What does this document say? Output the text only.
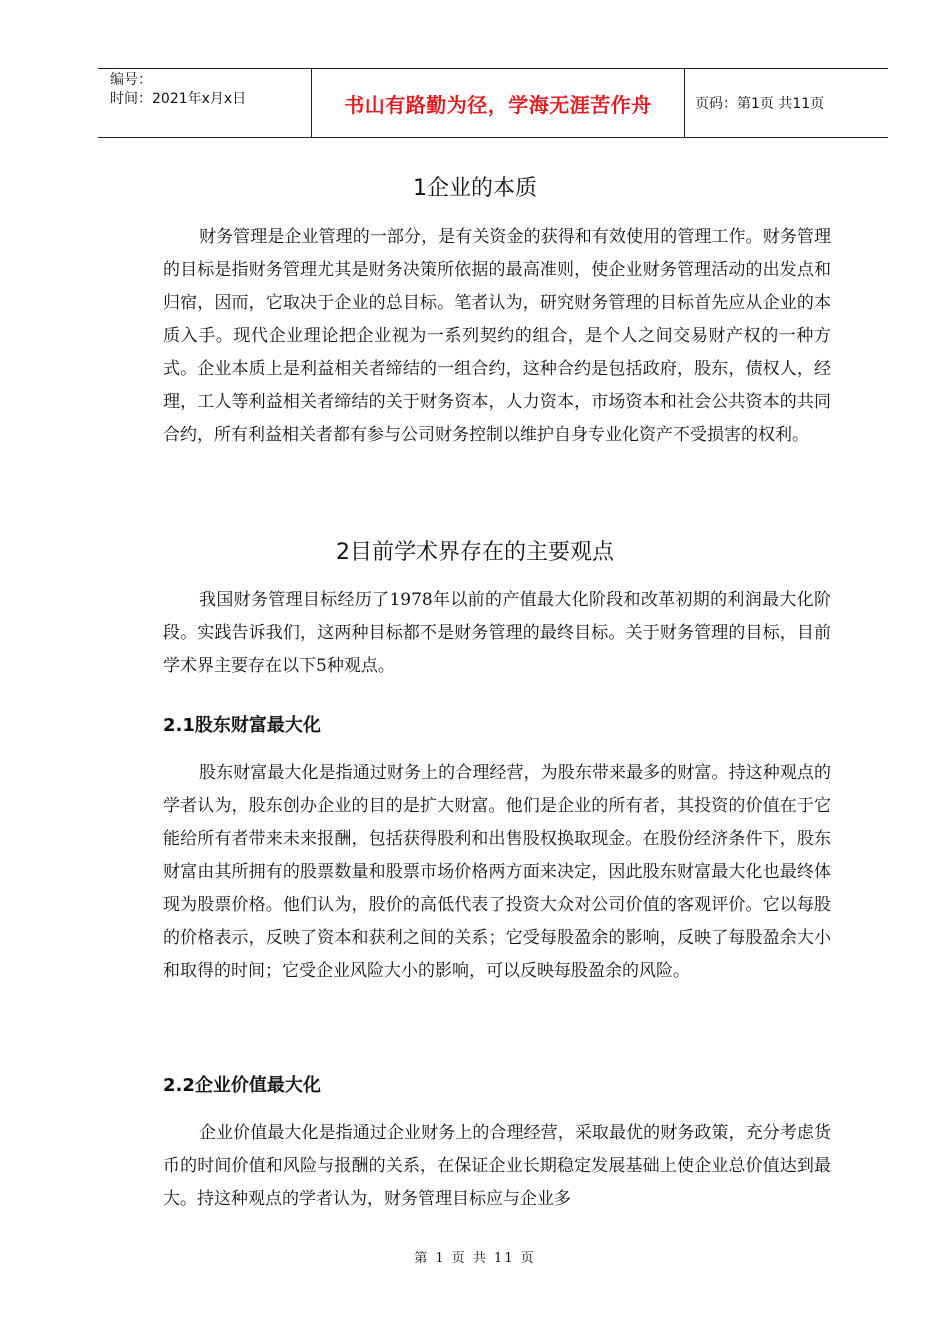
编号：
时间：2021年x月x日	书山有路勤为径，学海无涯苦作舟	页码：第1页 共11页
1企业的本质

财务管理是企业管理的一部分，是有关资金的获得和有效使用的管理工作。财务管理的目标是指财务管理尤其是财务决策所依据的最高准则，使企业财务管理活动的出发点和归宿，因而，它取决于企业的总目标。笔者认为，研究财务管理的目标首先应从企业的本质入手。现代企业理论把企业视为一系列契约的组合，是个人之间交易财产权的一种方式。企业本质上是利益相关者缔结的一组合约，这种合约是包括政府，股东，债权人，经理，工人等利益相关者缔结的关于财务资本，人力资本，市场资本和社会公共资本的共同合约，所有利益相关者都有参与公司财务控制以维护自身专业化资产不受损害的权利。

2目前学术界存在的主要观点

我国财务管理目标经历了1978年以前的产值最大化阶段和改革初期的利润最大化阶段。实践告诉我们，这两种目标都不是财务管理的最终目标。关于财务管理的目标，目前学术界主要存在以下5种观点。

2.1股东财富最大化

股东财富最大化是指通过财务上的合理经营，为股东带来最多的财富。持这种观点的学者认为，股东创办企业的目的是扩大财富。他们是企业的所有者，其投资的价值在于它能给所有者带来未来报酬，包括获得股利和出售股权换取现金。在股份经济条件下，股东财富由其所拥有的股票数量和股票市场价格两方面来决定，因此股东财富最大化也最终体现为股票价格。他们认为，股价的高低代表了投资大众对公司价值的客观评价。它以每股的价格表示，反映了资本和获利之间的关系；它受每股盈余的影响，反映了每股盈余大小和取得的时间；它受企业风险大小的影响，可以反映每股盈余的风险。

2.2企业价值最大化

企业价值最大化是指通过企业财务上的合理经营，采取最优的财务政策，充分考虑货币的时间价值和风险与报酬的关系，在保证企业长期稳定发展基础上使企业总价值达到最大。持这种观点的学者认为，财务管理目标应与企业多

第 1 页 共 11 页
